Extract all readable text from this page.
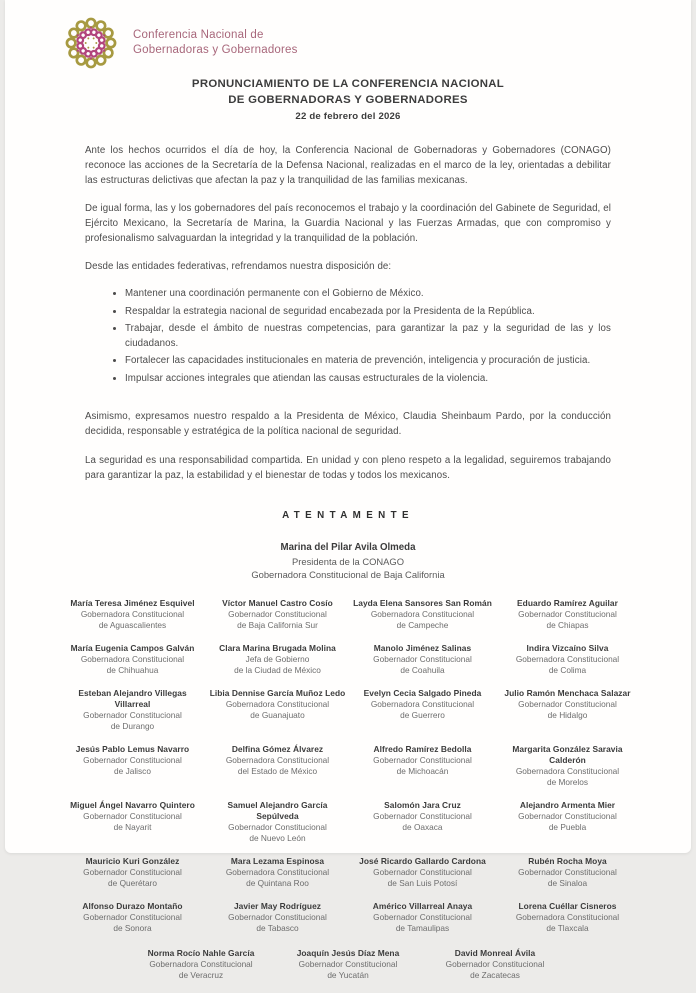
Conferencia Nacional de
Gobernadoras y Gobernadores
PRONUNCIAMIENTO DE LA CONFERENCIA NACIONAL
DE GOBERNADORAS Y GOBERNADORES
22 de febrero del 2026

Ante los hechos ocurridos el día de hoy, la Conferencia Nacional de Gobernadoras y Gobernadores (CONAGO) reconoce las acciones de la Secretaría de la Defensa Nacional, realizadas en el marco de la ley, orientadas a debilitar las estructuras delictivas que afectan la paz y la tranquilidad de las familias mexicanas.

De igual forma, las y los gobernadores del país reconocemos el trabajo y la coordinación del Gabinete de Seguridad, el Ejército Mexicano, la Secretaría de Marina, la Guardia Nacional y las Fuerzas Armadas, que con compromiso y profesionalismo salvaguardan la integridad y la tranquilidad de la población.

Desde las entidades federativas, refrendamos nuestra disposición de:

• Mantener una coordinación permanente con el Gobierno de México.
• Respaldar la estrategia nacional de seguridad encabezada por la Presidenta de la República.
• Trabajar, desde el ámbito de nuestras competencias, para garantizar la paz y la seguridad de las y los ciudadanos.
• Fortalecer las capacidades institucionales en materia de prevención, inteligencia y procuración de justicia.
• Impulsar acciones integrales que atiendan las causas estructurales de la violencia.

Asimismo, expresamos nuestro respaldo a la Presidenta de México, Claudia Sheinbaum Pardo, por la conducción decidida, responsable y estratégica de la política nacional de seguridad.

La seguridad es una responsabilidad compartida. En unidad y con pleno respeto a la legalidad, seguiremos trabajando para garantizar la paz, la estabilidad y el bienestar de todas y todos los mexicanos.

ATENTAMENTE
Marina del Pilar Avila Olmeda
Presidenta de la CONAGO
Gobernadora Constitucional de Baja California
María Teresa Jiménez Esquivel
Gobernadora Constitucional
de Aguascalientes
Víctor Manuel Castro Cosío
Gobernador Constitucional
de Baja California Sur
Layda Elena Sansores San Román
Gobernadora Constitucional
de Campeche
Eduardo Ramírez Aguilar
Gobernador Constitucional
de Chiapas
María Eugenia Campos Galván
Gobernadora Constitucional
de Chihuahua
Clara Marina Brugada Molina
Jefa de Gobierno
de la Ciudad de México
Manolo Jiménez Salinas
Gobernador Constitucional
de Coahuila
Indira Vizcaíno Silva
Gobernadora Constitucional
de Colima
Esteban Alejandro Villegas Villarreal
Gobernador Constitucional
de Durango
Libia Dennise García Muñoz Ledo
Gobernadora Constitucional
de Guanajuato
Evelyn Cecia Salgado Pineda
Gobernadora Constitucional
de Guerrero
Julio Ramón Menchaca Salazar
Gobernador Constitucional
de Hidalgo
Jesús Pablo Lemus Navarro
Gobernador Constitucional
de Jalisco
Delfina Gómez Álvarez
Gobernadora Constitucional
del Estado de México
Alfredo Ramírez Bedolla
Gobernador Constitucional
de Michoacán
Margarita González Saravia Calderón
Gobernadora Constitucional
de Morelos
Miguel Ángel Navarro Quintero
Gobernador Constitucional
de Nayarit
Samuel Alejandro García Sepúlveda
Gobernador Constitucional
de Nuevo León
Salomón Jara Cruz
Gobernador Constitucional
de Oaxaca
Alejandro Armenta Mier
Gobernador Constitucional
de Puebla
Mauricio Kuri González
Gobernador Constitucional
de Querétaro
Mara Lezama Espinosa
Gobernadora Constitucional
de Quintana Roo
José Ricardo Gallardo Cardona
Gobernador Constitucional
de San Luis Potosí
Rubén Rocha Moya
Gobernador Constitucional
de Sinaloa
Alfonso Durazo Montaño
Gobernador Constitucional
de Sonora
Javier May Rodríguez
Gobernador Constitucional
de Tabasco
Américo Villarreal Anaya
Gobernador Constitucional
de Tamaulipas
Lorena Cuéllar Cisneros
Gobernadora Constitucional
de Tlaxcala
Norma Rocío Nahle García
Gobernadora Constitucional
de Veracruz
Joaquín Jesús Díaz Mena
Gobernador Constitucional
de Yucatán
David Monreal Ávila
Gobernador Constitucional
de Zacatecas
